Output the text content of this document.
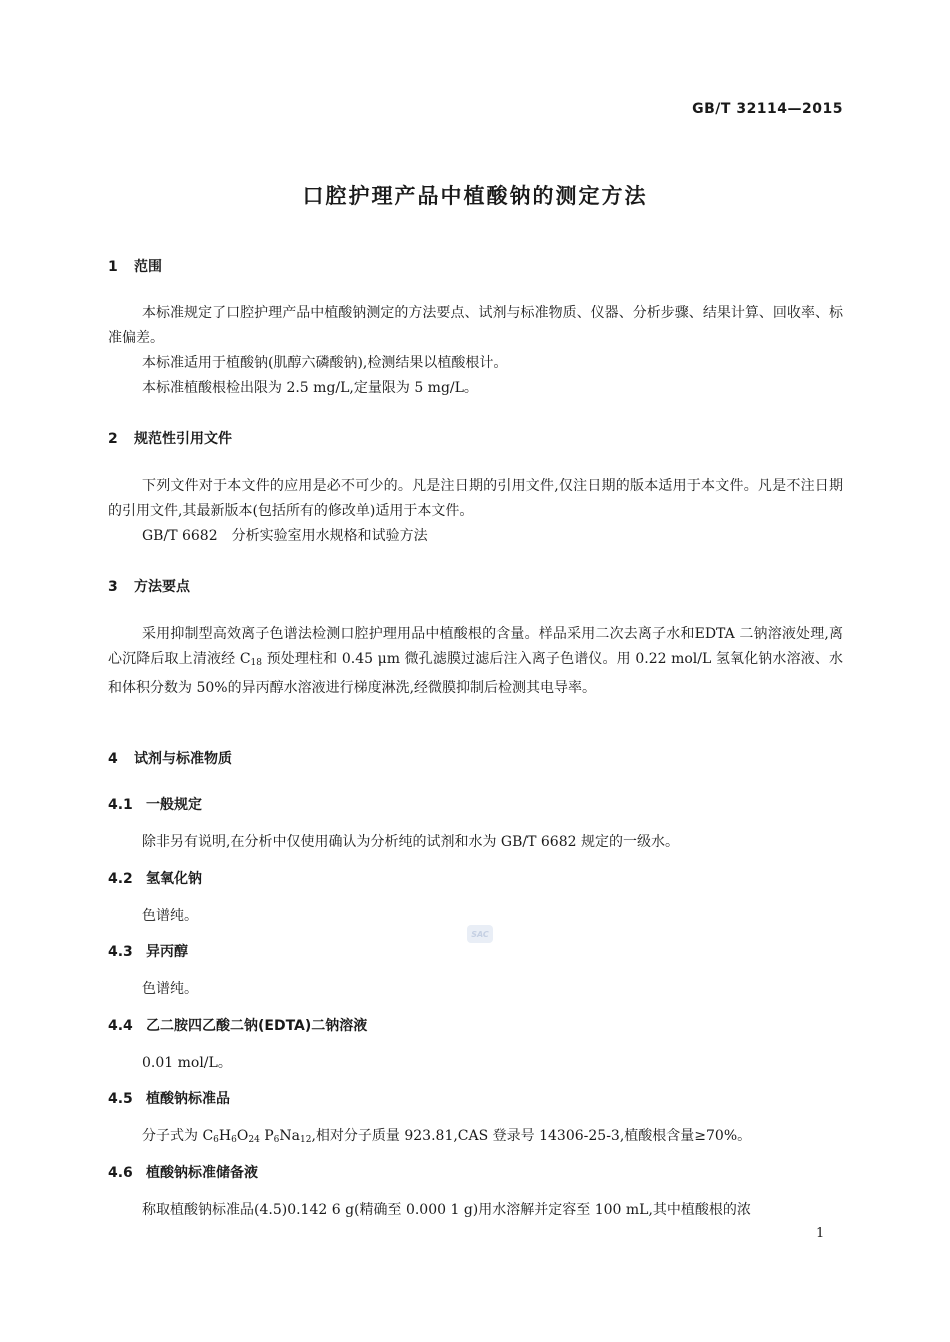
GB/T 32114—2015
口腔护理产品中植酸钠的测定方法
1 范围
本标准规定了口腔护理产品中植酸钠测定的方法要点、试剂与标准物质、仪器、分析步骤、结果计算、回收率、标准偏差。
本标准适用于植酸钠(肌醇六磷酸钠),检测结果以植酸根计。
本标准植酸根检出限为 2.5 mg/L,定量限为 5 mg/L。
2 规范性引用文件
下列文件对于本文件的应用是必不可少的。凡是注日期的引用文件,仅注日期的版本适用于本文件。凡是不注日期的引用文件,其最新版本(包括所有的修改单)适用于本文件。
GB/T 6682　分析实验室用水规格和试验方法
3 方法要点
采用抑制型高效离子色谱法检测口腔护理用品中植酸根的含量。样品采用二次去离子水和EDTA 二钠溶液处理,离心沉降后取上清液经 $C_{18}$ 预处理柱和 0.45 μm 微孔滤膜过滤后注入离子色谱仪。用 0.22 mol/L 氢氧化钠水溶液、水和体积分数为 50%的异丙醇水溶液进行梯度淋洗,经微膜抑制后检测其电导率。
4 试剂与标准物质
4.1 一般规定
除非另有说明,在分析中仅使用确认为分析纯的试剂和水为 GB/T 6682 规定的一级水。
4.2 氢氧化钠
色谱纯。
SAC
4.3 异丙醇
色谱纯。
4.4 乙二胺四乙酸二钠(EDTA)二钠溶液
0.01 mol/L。
4.5 植酸钠标准品
分子式为 $C_6H_6O_{24}$ $P_6Na_{12}$,相对分子质量 923.81,CAS 登录号 14306-25-3,植酸根含量≥70%。
4.6 植酸钠标准储备液
称取植酸钠标准品(4.5)0.142 6 g(精确至 0.000 1 g)用水溶解并定容至 100 mL,其中植酸根的浓
1
